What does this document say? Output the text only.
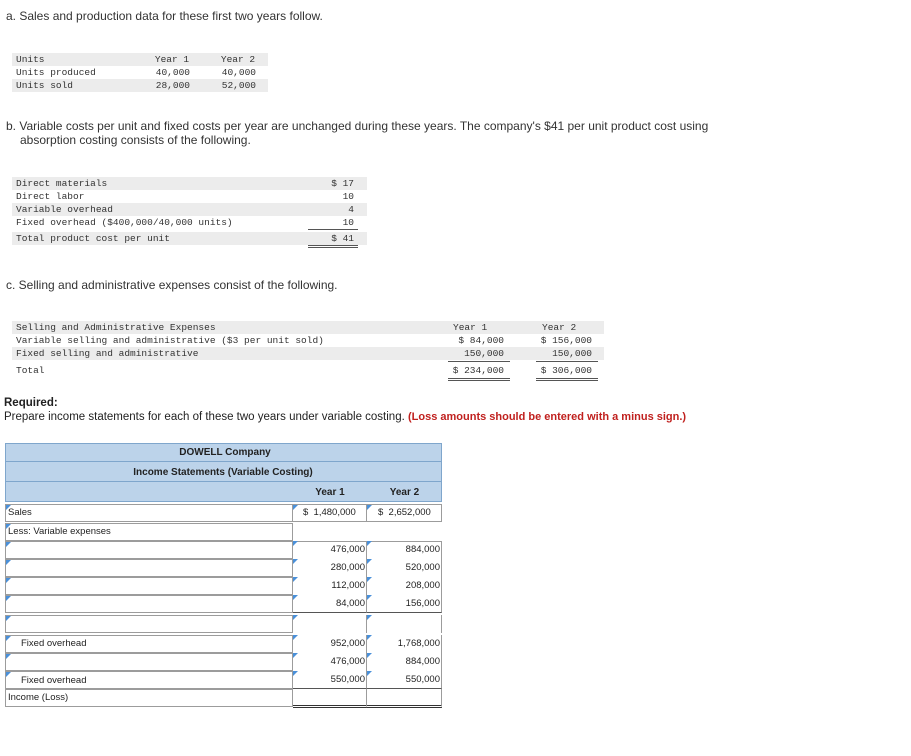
a. Sales and production data for these first two years follow.
Units	Year 1	Year 2
Units produced	40,000	40,000
Units sold	28,000	52,000
b. Variable costs per unit and fixed costs per year are unchanged during these years. The company's $41 per unit product cost using
absorption costing consists of the following.
Direct materials	$ 17
Direct labor	10
Variable overhead	4
Fixed overhead ($400,000/40,000 units)	10
Total product cost per unit	$ 41
c. Selling and administrative expenses consist of the following.
Selling and Administrative Expenses	Year 1	Year 2
Variable selling and administrative ($3 per unit sold)	$ 84,000	$ 156,000
Fixed selling and administrative	150,000	150,000
Total	$ 234,000	$ 306,000
Required:
Prepare income statements for each of these two years under variable costing. (Loss amounts should be entered with a minus sign.)
DOWELL Company
Income Statements (Variable Costing)
Year 1	Year 2
Sales	$  1,480,000 $  2,652,000
Less: Variable expenses
476,000	884,000
280,000	520,000
112,000	208,000
84,000	156,000
Fixed overhead	952,000	1,768,000
476,000	884,000
Fixed overhead	550,000	550,000
Income (Loss)
